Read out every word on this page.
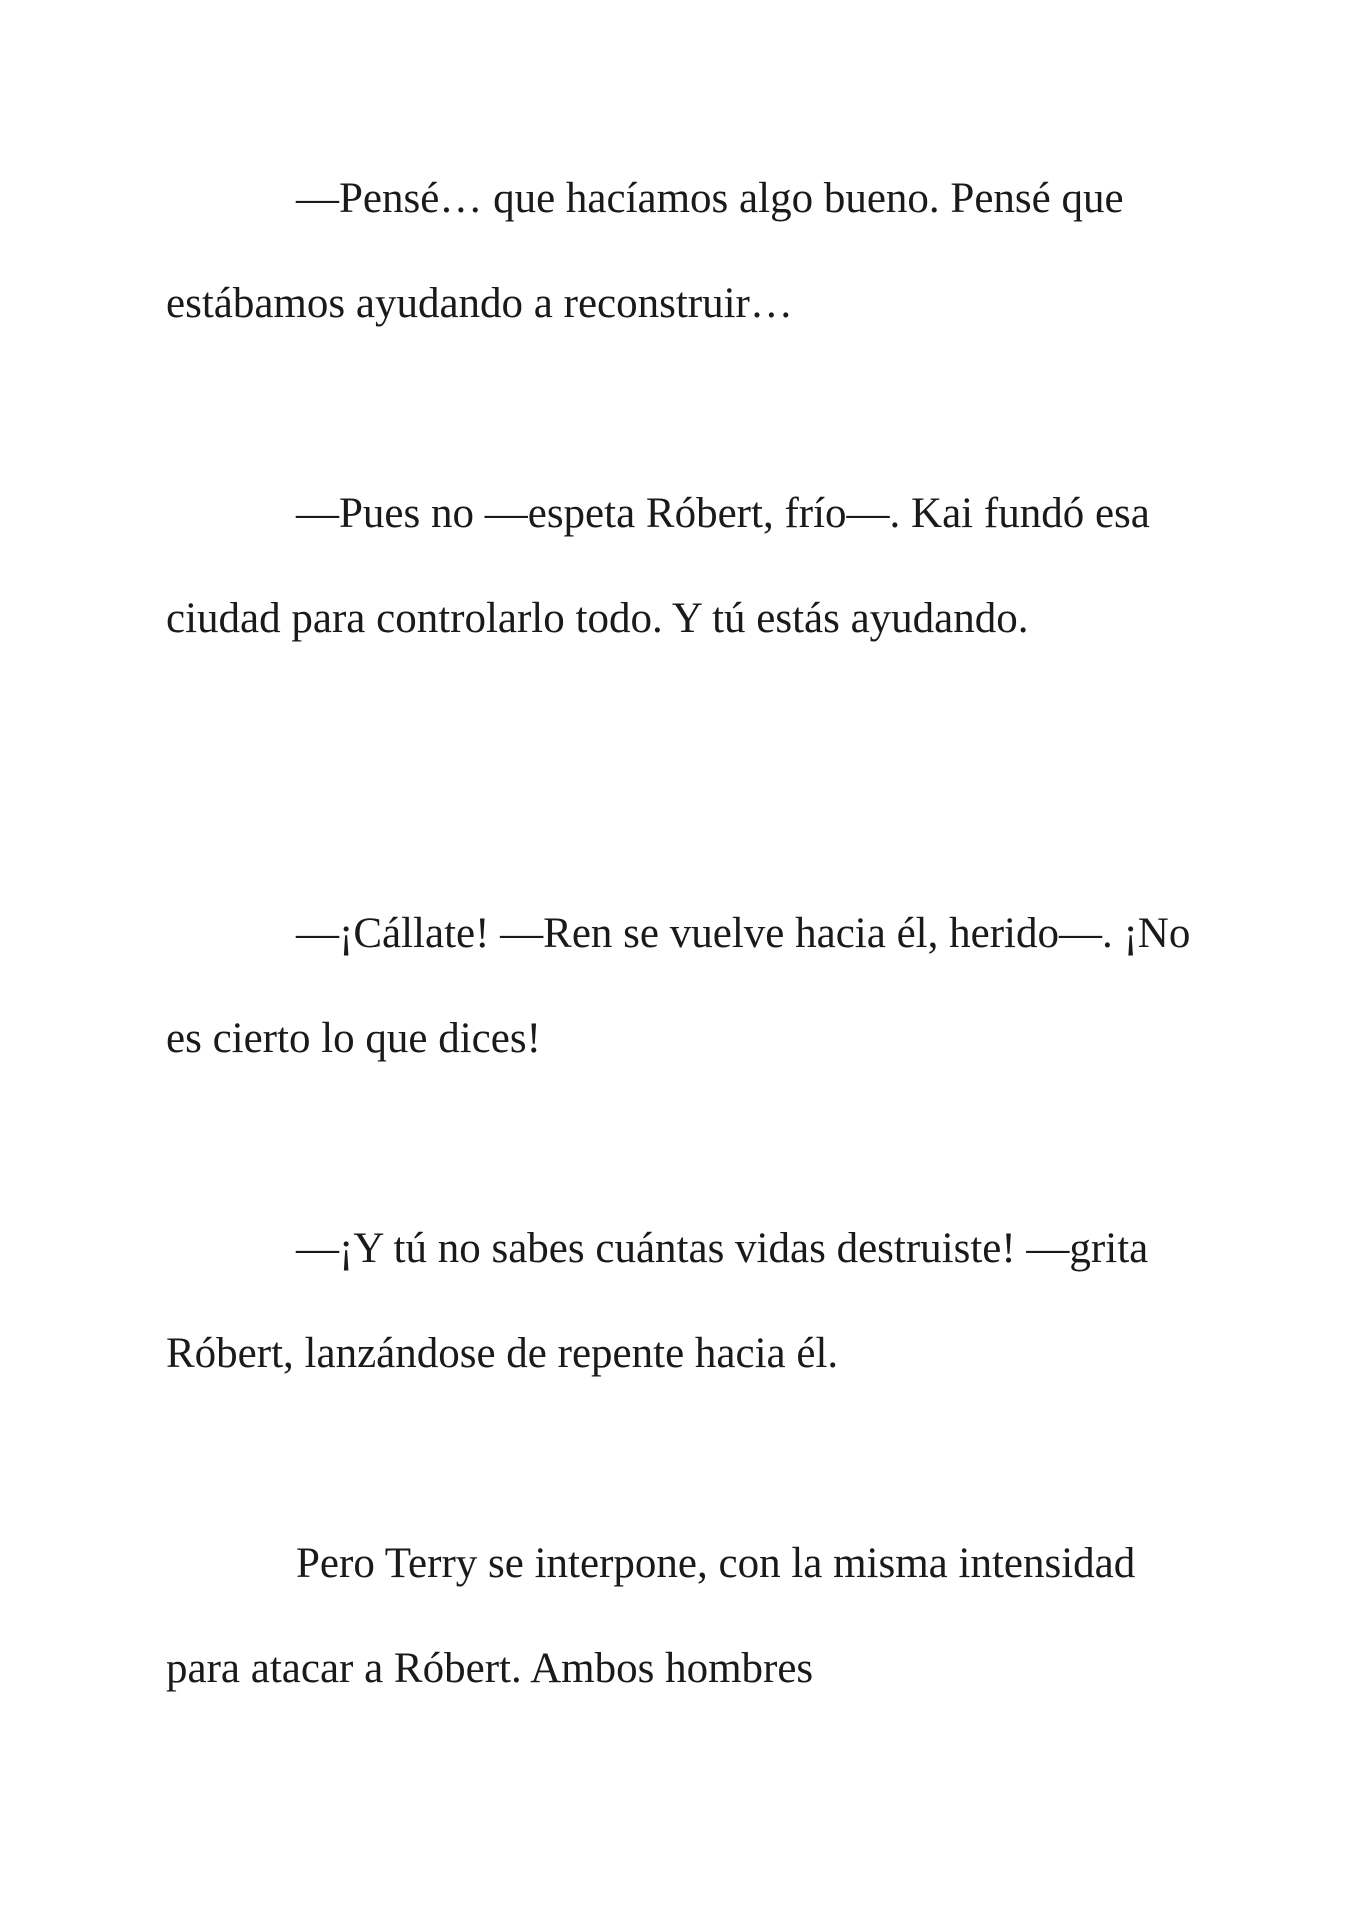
—Pensé… que hacíamos algo bueno. Pensé que estábamos ayudando a reconstruir…

—Pues no —espeta Róbert, frío—. Kai fundó esa ciudad para controlarlo todo. Y tú estás ayudando.

—¡Cállate! —Ren se vuelve hacia él, herido—. ¡No es cierto lo que dices!

—¡Y tú no sabes cuántas vidas destruiste! —grita Róbert, lanzándose de repente hacia él.

Pero Terry se interpone, con la misma intensidad para atacar a Róbert. Ambos hombres
